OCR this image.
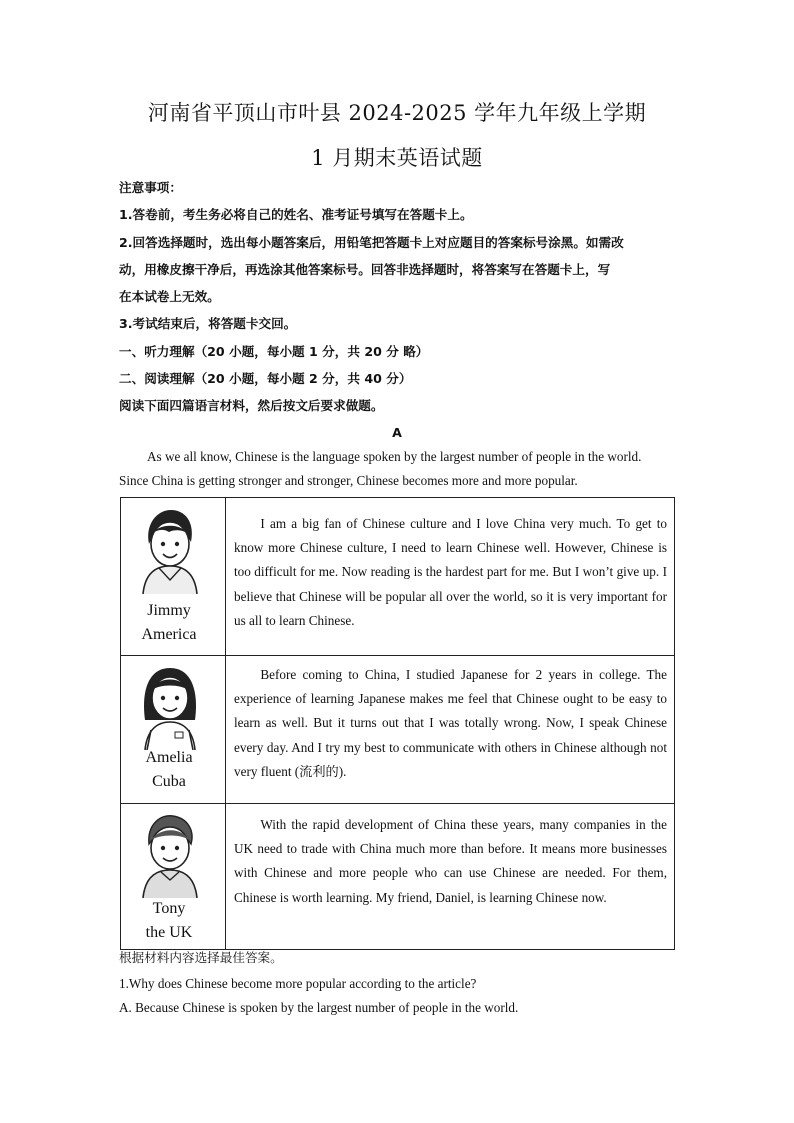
河南省平顶山市叶县 2024-2025 学年九年级上学期
1 月期末英语试题
注意事项：
1.答卷前，考生务必将自己的姓名、准考证号填写在答题卡上。
2.回答选择题时，选出每小题答案后，用铅笔把答题卡上对应题目的答案标号涂黑。如需改
动，用橡皮擦干净后，再选涂其他答案标号。回答非选择题时，将答案写在答题卡上，写
在本试卷上无效。
3.考试结束后，将答题卡交回。
一、听力理解（20 小题，每小题 1 分，共 20 分 略）
二、阅读理解（20 小题，每小题 2 分，共 40 分）
阅读下面四篇语言材料，然后按文后要求做题。
A
As we all know, Chinese is the language spoken by the largest number of people in the world.
Since China is getting stronger and stronger, Chinese becomes more and more popular.
Jimmy
America	I am a big fan of Chinese culture and I love China very much. To get to know more Chinese culture, I need to learn Chinese well. However, Chinese is too difficult for me. Now reading is the hardest part for me. But I won’t give up. I believe that Chinese will be popular all over the world, so it is very important for us all to learn Chinese.

Amelia
Cuba	Before coming to China, I studied Japanese for 2 years in college. The experience of learning Japanese makes me feel that Chinese ought to be easy to learn as well. But it turns out that I was totally wrong. Now, I speak Chinese every day. And I try my best to communicate with others in Chinese although not very fluent (流利的).

Tony
the UK	With the rapid development of China these years, many companies in the UK need to trade with China much more than before. It means more businesses with Chinese and more people who can use Chinese are needed. For them, Chinese is worth learning. My friend, Daniel, is learning Chinese now.
根据材料内容选择最佳答案。
1.Why does Chinese become more popular according to the article?
A. Because Chinese is spoken by the largest number of people in the world.
